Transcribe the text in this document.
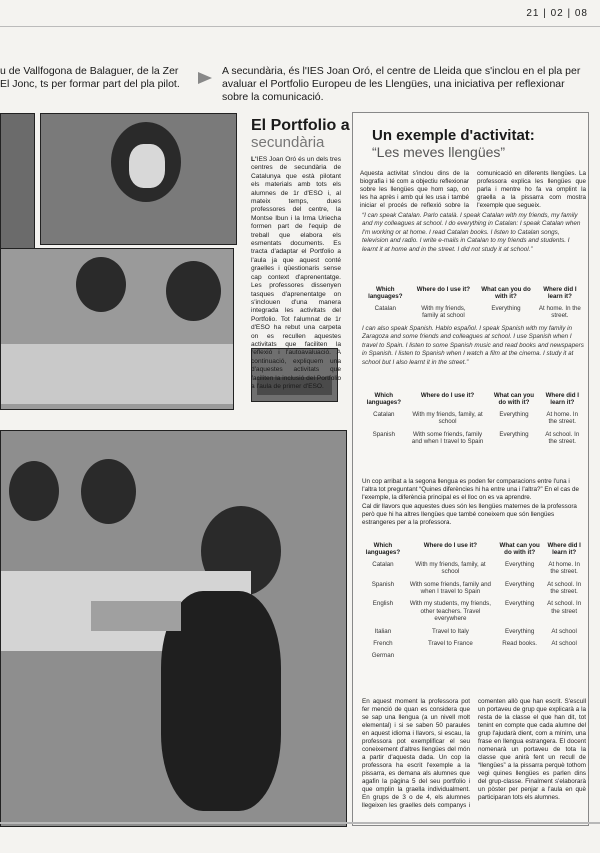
21 | 02 | 08
u de Vallfogona de Balaguer, de la Zer El Jonc, ts per formar part del pla pilot.
A secundària, és l'IES Joan Oró, el centre de Lleida que s'inclou en el pla per avaluar el Portfolio Europeu de les Llengües, una iniciativa per reflexionar sobre la comunicació.
El Portfolio a
secundària
L'IES Joan Oró és un dels tres centres de secundària de Catalunya que està pilotant els materials amb tots els alumnes de 1r d'ESO i, al mateix temps, dues professores del centre, la Montse Ibun i la Irma Uriecha formen part de l'equip de treball que elabora els esmentats documents. Es tracta d'adaptar el Portfolio a l'aula ja que aquest conté graelles i qüestionaris sense cap context d'aprenentatge. Les professores dissenyen tasques d'aprenentatge on s'inclouen d'una manera integrada les activitats del Portfolio. Tot l'alumnat de 1r d'ESO ha rebut una carpeta on es recullen aquestes activitats que faciliten la reflexió i l'autoavaluació. A continuació, expliquem una d'aquestes activitats que faciliten la inclusió del Portfolio a l'aula de primer d'ESO.
Un exemple d'activitat:
“Les meves llengües”
Aquesta activitat s'inclou dins de la biografia i té com a objectiu reflexionar sobre les llengües que hom sap, on les ha après i amb qui les usa i també iniciar el procés de reflexió sobre la comunicació en diferents llengües. La professora explica les llengües que parla i mentre ho fa va omplint la graella a la pissarra com mostra l'exemple que segueix.
“I can speak Catalan. Parlo català. I speak Catalan with my friends, my family and my colleagues at school. I do everything in Catalan: I speak Catalan when I'm working or at home. I read Catalan books. I listen to Catalan songs, television and radio. I write e-mails in Catalan to my friends and students. I learnt it at home and in the street. I did not study it at school.”
Which languages?	Where do I use it?	What can you do with it?	Where did I learn it?
Catalan	With my friends, family at school	Everything	At home. In the street.
I can also speak Spanish. Hablo español. I speak Spanish with my family in Zaragoza and some friends and colleagues at school. I use Spanish when I travel to Spain. I listen to some Spanish music and read books and newspapers in Spanish. I listen to Spanish when I watch a film at the cinema. I study it at school but I also learnt it in the street.”
Which languages?	Where do I use it?	What can you do with it?	Where did I learn it?
Catalan	With my friends, family, at school	Everything	At home. In the street.
Spanish	With some friends, family and when I travel to Spain	Everything	At school. In the street.
Un cop arribat a la segona llengua es poden fer comparacions entre l'una i l'altra tot preguntant “Quines diferències hi ha entre una i l'altra?” En el cas de l'exemple, la diferència principal es el lloc on es va aprendre.
Cal dir llavors que aquestes dues són les llengües maternes de la professora però que hi ha altres llengües que també coneixem que són llengües estrangeres per a la professora.
Which languages?	Where do I use it?	What can you do with it?	Where did I learn it?
Catalan	With my friends, family, at school	Everything	At home. In the street.
Spanish	With some friends, family and when I travel to Spain	Everything	At school. In the street.
English	With my students, my friends, other teachers. Travel everywhere	Everything	At school. In the street
Italian	Travel to Italy	Everything	At school
French	Travel to France	Read books.	At school
German			
En aquest moment la professora pot fer menció de quan es considera que se sap una llengua (a un nivell molt elemental) i si se saben 50 paraules en aquest idioma i llavors, si escau, la professora pot exemplificar el seu coneixement d'altres llengües del món a partir d'aquesta dada. Un cop la professora ha escrit l'exemple a la pissarra, es demana als alumnes que agafin la pàgina 5 del seu portfolio i que omplin la graella individualment. En grups de 3 o de 4, els alumnes llegeixen les graelles dels companys i comenten allò que han escrit. S'escull un portaveu de grup que explicarà a la resta de la classe el que han dit, tot tenint en compte que cada alumne del grup l'ajudarà dient, com a mínim, una frase en llengua estrangera. El docent nomenarà un portaveu de tota la classe que anirà fent un recull de “llengües” a la pissarra perquè tothom vegi quines llengües es parlen dins del grup-classe. Finalment s'elaborarà un pòster per penjar a l'aula en què participaran tots els alumnes.
